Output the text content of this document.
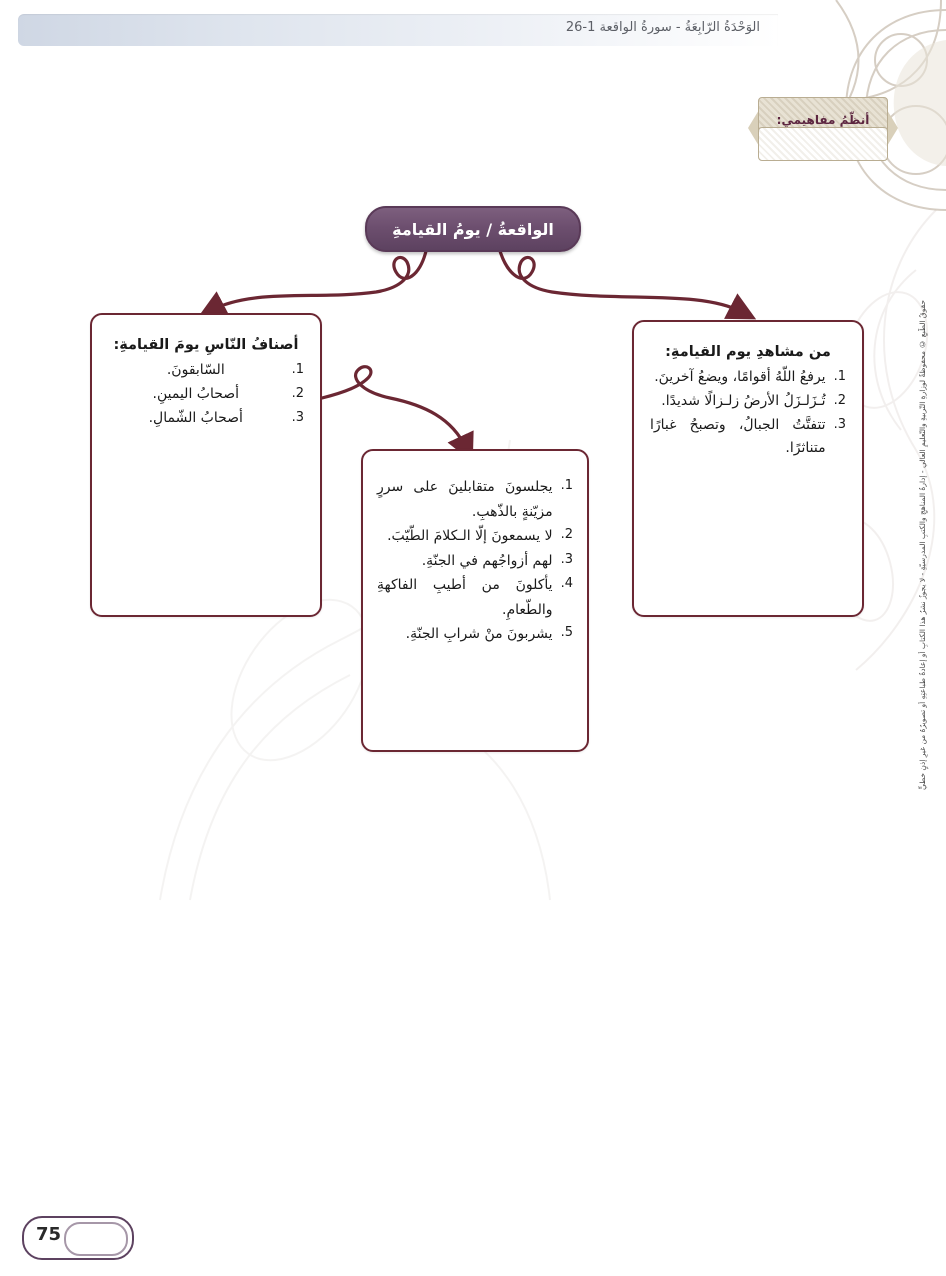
الوَحْدَةُ الرّابِعَةُ - سورةُ الواقعة 1-26
أنظّمُ مفاهيمي:
الواقعةُ / يومُ القيامةِ
أصنافُ النّاسِ يومَ القيامةِ:
1.
السّابقونَ.
2.
أصحابُ اليمينِ.
3.
أصحابُ الشّمالِ.
من مشاهدِ يوم القيامةِ:
1.
يرفعُ اللّهُ أقوامًا، ويضعُ آخرينَ.
2.
تُـزَلـزَلُ الأرضُ زلـزالًا شديدًا.
3.
تتفتَّتُ الجبالُ، وتصبحُ غبارًا متناثرًا.
1.
يجلسونَ متقابلينَ على سررٍ مزيّنةٍ بالذّهبِ.
2.
لا يسمعونَ إلّا الـكلامَ الطّيّبَ.
3.
لهم أزواجُهم في الجنّةِ.
4.
يأكلونَ من أطيبِ الفاكهةِ والطّعامِ.
5.
يشربونَ منْ شرابِ الجنّةِ.	حقوقُ الطّبعِ © محفوظةٌ لوزارةِ التّربيةِ والتّعليمِ العالي - إدارةُ المناهجِ والكتبِ المدرسيّةِ - لا يجوزُ نشرُ هذا الكتابِ أو إعادةُ طباعتِهِ أو تصويرُهُ من غيرِ إذنٍ خطيٍّ
75
